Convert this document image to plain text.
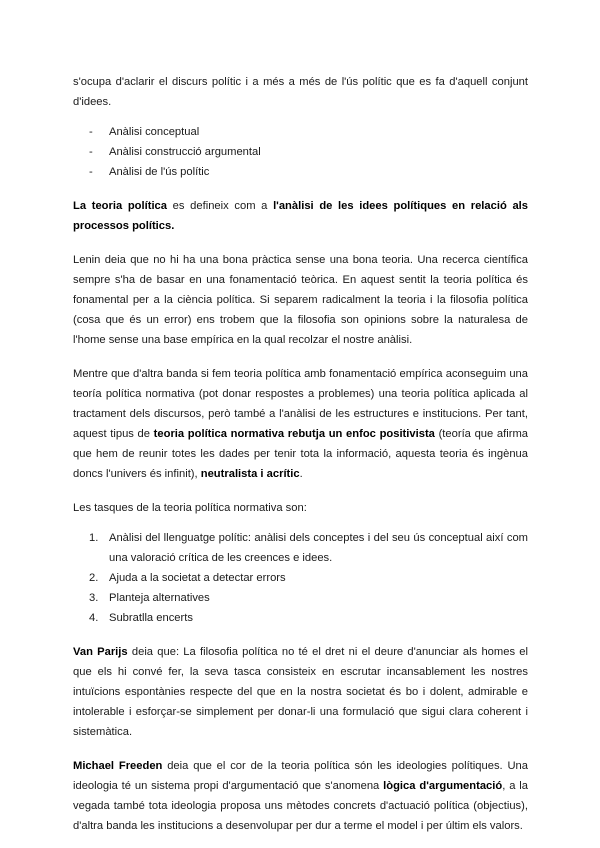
s'ocupa d'aclarir el discurs polític i a més a més de l'ús polític que es fa d'aquell conjunt d'idees.

- Anàlisi conceptual
- Anàlisi construcció argumental
- Anàlisi de l'ús polític

La teoria política es defineix com a l'anàlisi de les idees polítiques en relació als processos polítics.

Lenin deia que no hi ha una bona pràctica sense una bona teoria. Una recerca científica sempre s'ha de basar en una fonamentació teòrica. En aquest sentit la teoria política és fonamental per a la ciència política. Si separem radicalment la teoria i la filosofia política (cosa que és un error) ens trobem que la filosofia son opinions sobre la naturalesa de l'home sense una base empírica en la qual recolzar el nostre anàlisi.

Mentre que d'altra banda si fem teoria política amb fonamentació empírica aconseguim una teoría política normativa (pot donar respostes a problemes) una teoria política aplicada al tractament dels discursos, però també a l'anàlisi de les estructures e institucions. Per tant, aquest tipus de teoria política normativa rebutja un enfoc positivista (teoría que afirma que hem de reunir totes les dades per tenir tota la informació, aquesta teoria és ingènua doncs l'univers és infinit), neutralista i acrític.

Les tasques de la teoria política normativa son:

1. Anàlisi del llenguatge polític: anàlisi dels conceptes i del seu ús conceptual així com una valoració crítica de les creences e idees.
2. Ajuda a la societat a detectar errors
3. Planteja alternatives
4. Subratlla encerts

Van Parijs deia que: La filosofia política no té el dret ni el deure d'anunciar als homes el que els hi convé fer, la seva tasca consisteix en escrutar incansablement les nostres intuïcions espontànies respecte del que en la nostra societat és bo i dolent, admirable e intolerable i esforçar-se simplement per donar-li una formulació que sigui clara coherent i sistemàtica.

Michael Freeden deia que el cor de la teoria política són les ideologies polítiques. Una ideologia té un sistema propi d'argumentació que s'anomena lògica d'argumentació, a la vegada també tota ideologia proposa uns mètodes concrets d'actuació política (objectius), d'altra banda les institucions a desenvolupar per dur a terme el model i per últim els valors.
